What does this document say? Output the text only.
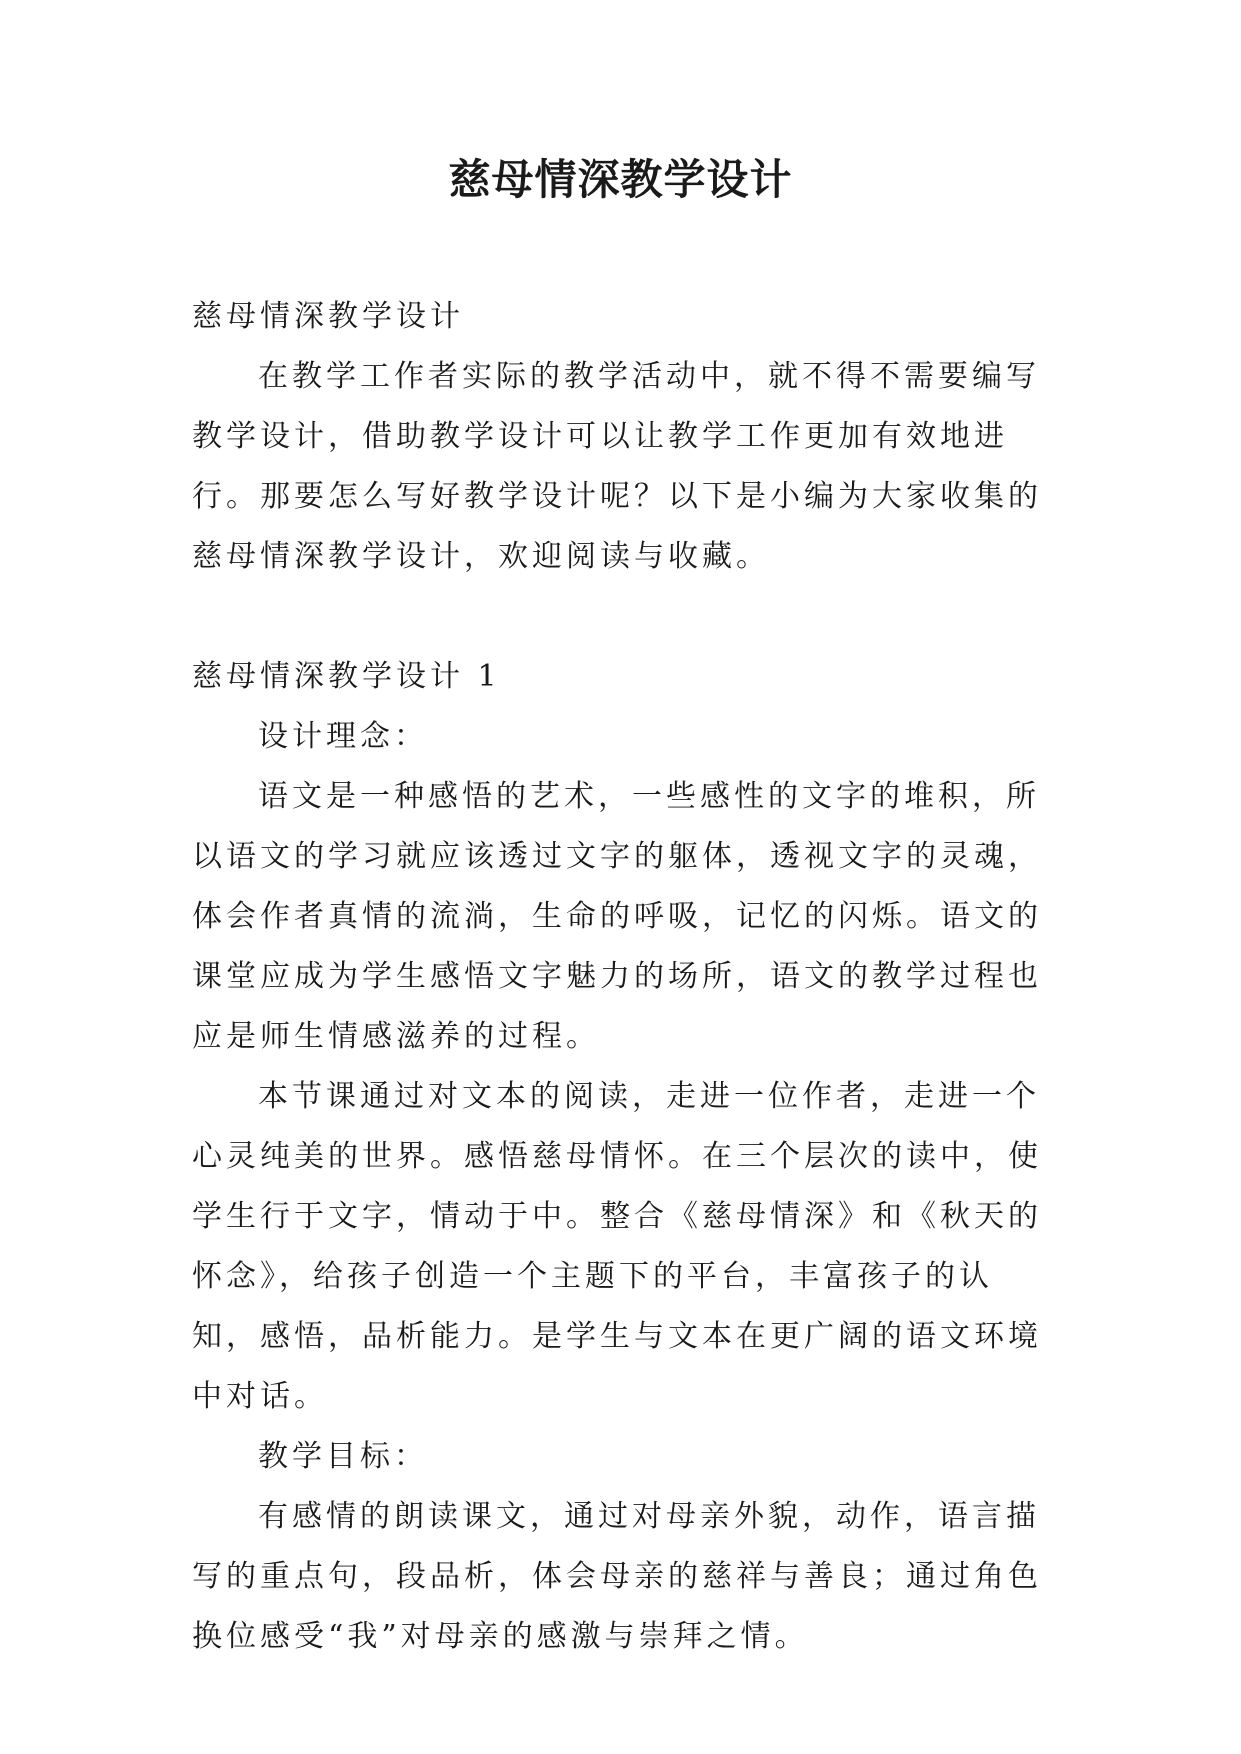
慈母情深教学设计

慈母情深教学设计

在教学工作者实际的教学活动中，就不得不需要编写教学设计，借助教学设计可以让教学工作更加有效地进行。那要怎么写好教学设计呢？以下是小编为大家收集的慈母情深教学设计，欢迎阅读与收藏。

慈母情深教学设计 1

设计理念：

语文是一种感悟的艺术，一些感性的文字的堆积，所以语文的学习就应该透过文字的躯体，透视文字的灵魂，体会作者真情的流淌，生命的呼吸，记忆的闪烁。语文的课堂应成为学生感悟文字魅力的场所，语文的教学过程也应是师生情感滋养的过程。

本节课通过对文本的阅读，走进一位作者，走进一个心灵纯美的世界。感悟慈母情怀。在三个层次的读中，使学生行于文字，情动于中。整合《慈母情深》和《秋天的怀念》，给孩子创造一个主题下的平台，丰富孩子的认知，感悟，品析能力。是学生与文本在更广阔的语文环境中对话。

教学目标：

有感情的朗读课文，通过对母亲外貌，动作，语言描写的重点句，段品析，体会母亲的慈祥与善良；通过角色换位感受“我”对母亲的感激与崇拜之情。
